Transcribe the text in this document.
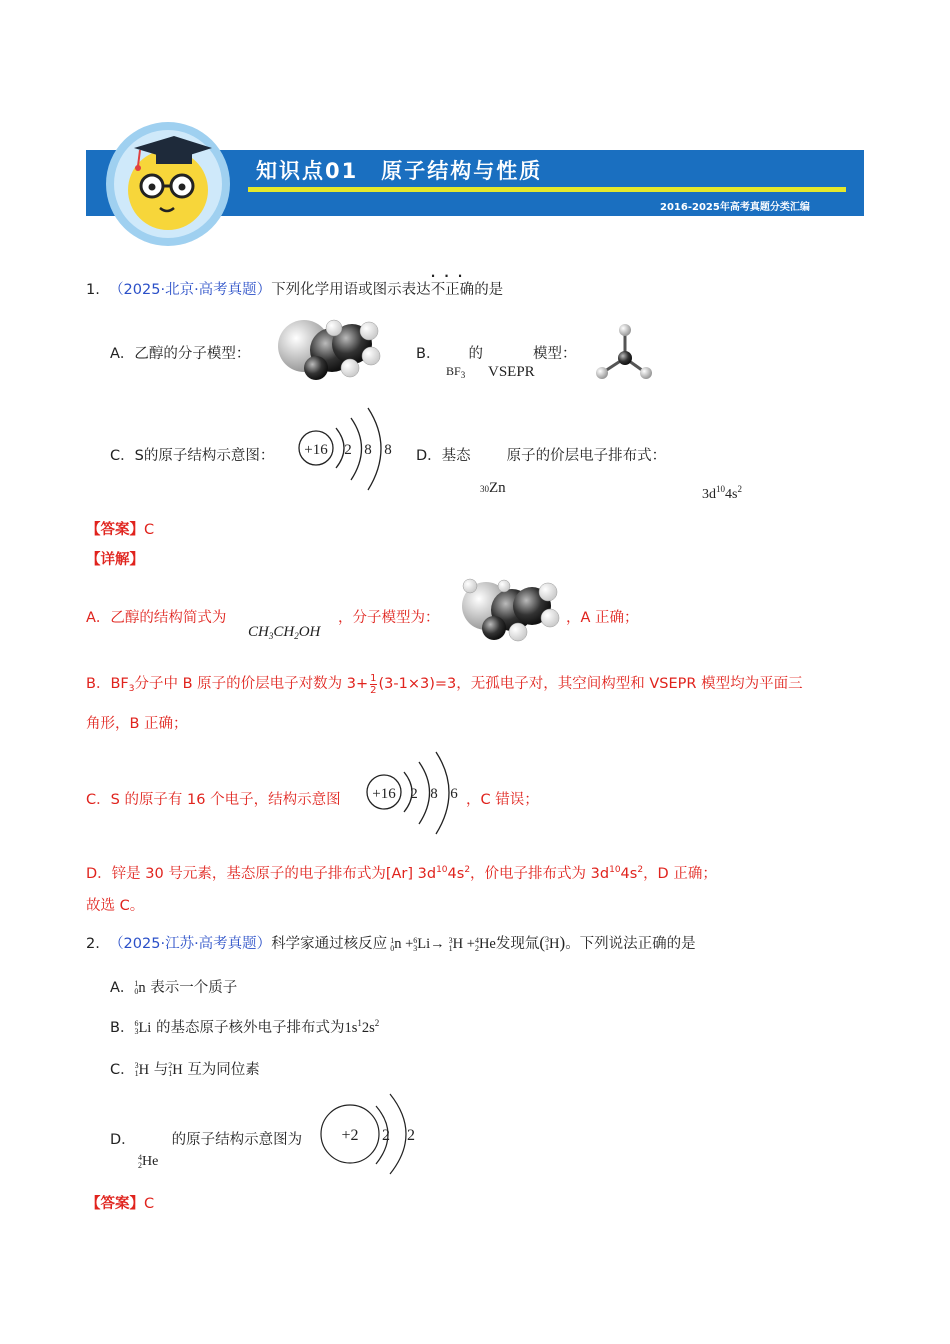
知识点01　原子结构与性质
2016-2025年高考真题分类汇编
1. （2025·北京·高考真题）下列化学用语或图示表达不正确
···
的是
A．乙醇的分子模型：	B． 的	模型：
$BF_3$ VSEPR
C．S的原子结构示意图： +16 2 8 8 D．基态 原子的价层电子排布式：
30Zn	$3d^{10}4s^2$
【答案】C
【详解】
A．乙醇的结构简式为
$CH_3CH_2OH$
，分子模型为：	，A 正确；
B．$BF_3$分子中 B 原子的价层电子对数为 $3+ \frac{1}{2} (3-1\times 3)=3$，无孤电子对，其空间构型和 VSEPR 模型均为平面三
角形，B 正确；
C．S 的原子有 16 个电子，结构示意图 +16 2 8 6 ，C 错误；
D．锌是 30 号元素，基态原子的电子排布式为[Ar] $3d^{10}4s^2$，价电子排布式为 $3d^{10}4s^2$，D 正确；
故选 C。
2. （2025·江苏·高考真题）科学家通过核反应 1
0n +6
3Li→ 3
1H +4
2He发现氚(3
1H)。下列说法正确的是
A．1
0n 表示一个质子
B．6
3Li 的基态原子核外电子排布式为$1s^12s^2$
C．3
1H 与2
1H 互为同位素
D． 的原子结构示意图为
4
2He
+2 2 2
【答案】C
